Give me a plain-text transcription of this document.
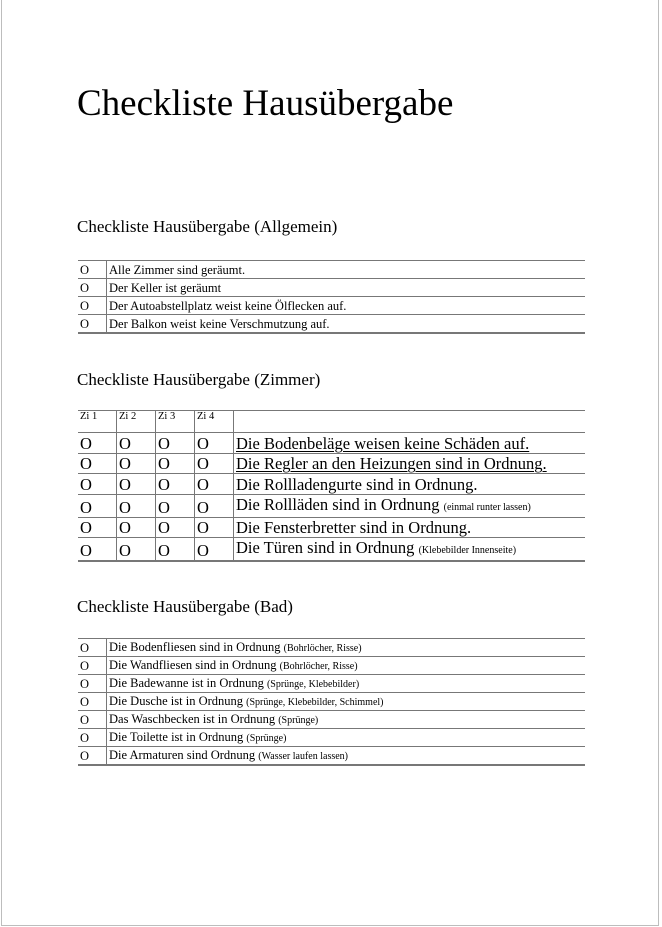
Checkliste Hausübergabe
Checkliste Hausübergabe (Allgemein)
O	Alle Zimmer sind geräumt.
O	Der Keller ist geräumt
O	Der Autoabstellplatz weist keine Ölflecken auf.
O	Der Balkon weist keine Verschmutzung auf.
Checkliste Hausübergabe (Zimmer)
Zi 1	Zi 2	Zi 3	Zi 4	
O	O	O	O	Die Bodenbeläge weisen keine Schäden auf.
O	O	O	O	Die Regler an den Heizungen sind in Ordnung.
O	O	O	O	Die Rollladengurte sind in Ordnung.
O	O	O	O	Die Rollläden sind in Ordnung (einmal runter lassen)
O	O	O	O	Die Fensterbretter sind in Ordnung.
O	O	O	O	Die Türen sind in Ordnung (Klebebilder Innenseite)
Checkliste Hausübergabe (Bad)
O	Die Bodenfliesen sind in Ordnung (Bohrlöcher, Risse)
O	Die Wandfliesen sind in Ordnung (Bohrlöcher, Risse)
O	Die Badewanne ist in Ordnung (Sprünge, Klebebilder)
O	Die Dusche ist in Ordnung (Sprünge, Klebebilder, Schimmel)
O	Das Waschbecken ist in Ordnung (Sprünge)
O	Die Toilette ist in Ordnung (Sprünge)
O	Die Armaturen sind Ordnung (Wasser laufen lassen)
